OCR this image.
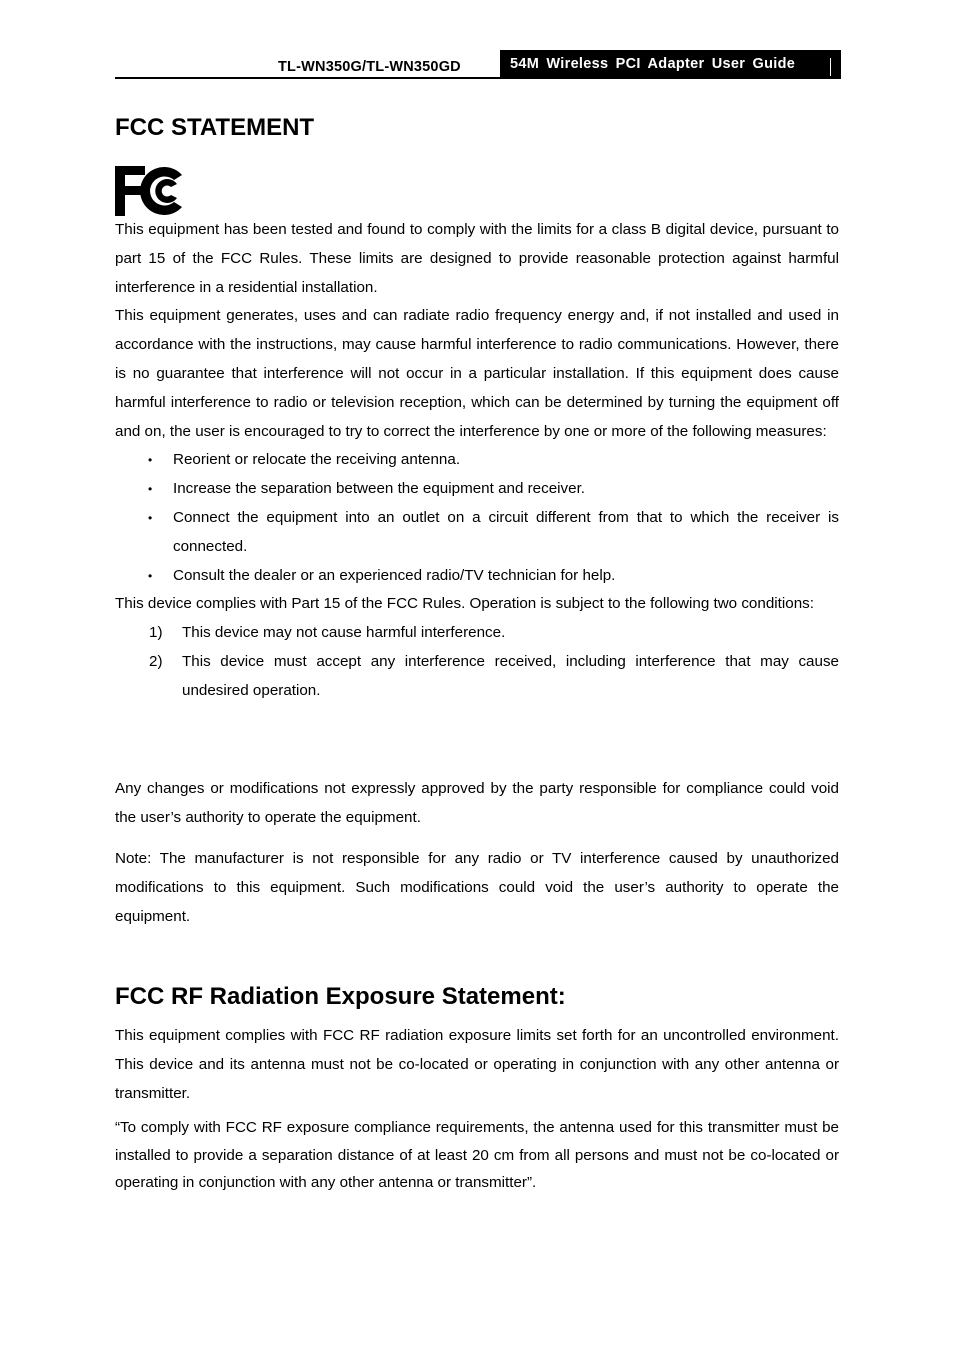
TL-WN350G/TL-WN350GD	54M Wireless PCI Adapter User Guide
FCC STATEMENT

This equipment has been tested and found to comply with the limits for a class B digital device, pursuant to part 15 of the FCC Rules. These limits are designed to provide reasonable protection against harmful interference in a residential installation.

This equipment generates, uses and can radiate radio frequency energy and, if not installed and used in accordance with the instructions, may cause harmful interference to radio communications. However, there is no guarantee that interference will not occur in a particular installation. If this equipment does cause harmful interference to radio or television reception, which can be determined by turning the equipment off and on, the user is encouraged to try to correct the interference by one or more of the following measures:

• Reorient or relocate the receiving antenna.
• Increase the separation between the equipment and receiver.
• Connect the equipment into an outlet on a circuit different from that to which the receiver is connected.
• Consult the dealer or an experienced radio/TV technician for help.

This device complies with Part 15 of the FCC Rules. Operation is subject to the following two conditions:

1) This device may not cause harmful interference.
2) This device must accept any interference received, including interference that may cause undesired operation.

Any changes or modifications not expressly approved by the party responsible for compliance could void the user’s authority to operate the equipment.

Note: The manufacturer is not responsible for any radio or TV interference caused by unauthorized modifications to this equipment. Such modifications could void the user’s authority to operate the equipment.

FCC RF Radiation Exposure Statement:

This equipment complies with FCC RF radiation exposure limits set forth for an uncontrolled environment. This device and its antenna must not be co-located or operating in conjunction with any other antenna or transmitter.

“To comply with FCC RF exposure compliance requirements, the antenna used for this transmitter must be installed to provide a separation distance of at least 20 cm from all persons and must not be co-located or operating in conjunction with any other antenna or transmitter”.
